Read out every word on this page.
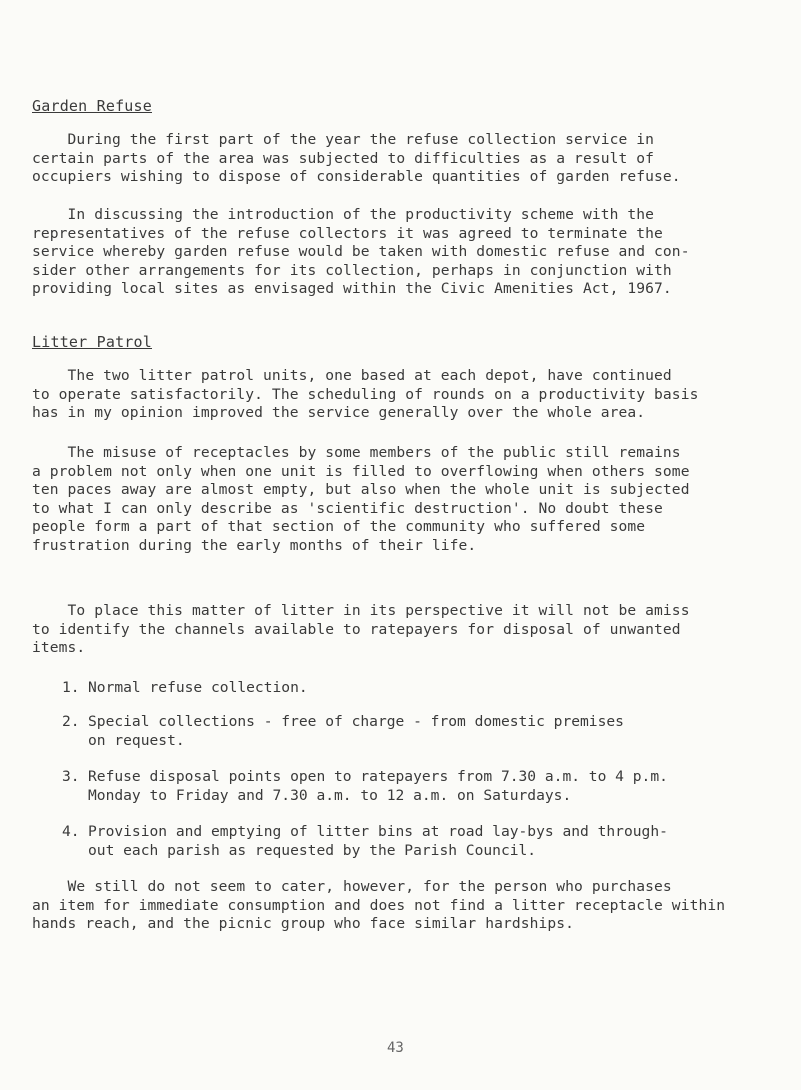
Garden Refuse
During the first part of the year the refuse collection service in
certain parts of the area was subjected to difficulties as a result of
occupiers wishing to dispose of considerable quantities of garden refuse.
In discussing the introduction of the productivity scheme with the
representatives of the refuse collectors it was agreed to terminate the
service whereby garden refuse would be taken with domestic refuse and con-
sider other arrangements for its collection, perhaps in conjunction with
providing local sites as envisaged within the Civic Amenities Act, 1967.
Litter Patrol
The two litter patrol units, one based at each depot, have continued
to operate satisfactorily. The scheduling of rounds on a productivity basis
has in my opinion improved the service generally over the whole area.
The misuse of receptacles by some members of the public still remains
a problem not only when one unit is filled to overflowing when others some
ten paces away are almost empty, but also when the whole unit is subjected
to what I can only describe as 'scientific destruction'. No doubt these
people form a part of that section of the community who suffered some
frustration during the early months of their life.
To place this matter of litter in its perspective it will not be amiss
to identify the channels available to ratepayers for disposal of unwanted
items.
1. Normal refuse collection.
2. Special collections - free of charge - from domestic premises
on request.
3. Refuse disposal points open to ratepayers from 7.30 a.m. to 4 p.m.
Monday to Friday and 7.30 a.m. to 12 a.m. on Saturdays.
4. Provision and emptying of litter bins at road lay-bys and through-
out each parish as requested by the Parish Council.
We still do not seem to cater, however, for the person who purchases
an item for immediate consumption and does not find a litter receptacle within
hands reach, and the picnic group who face similar hardships.
43
